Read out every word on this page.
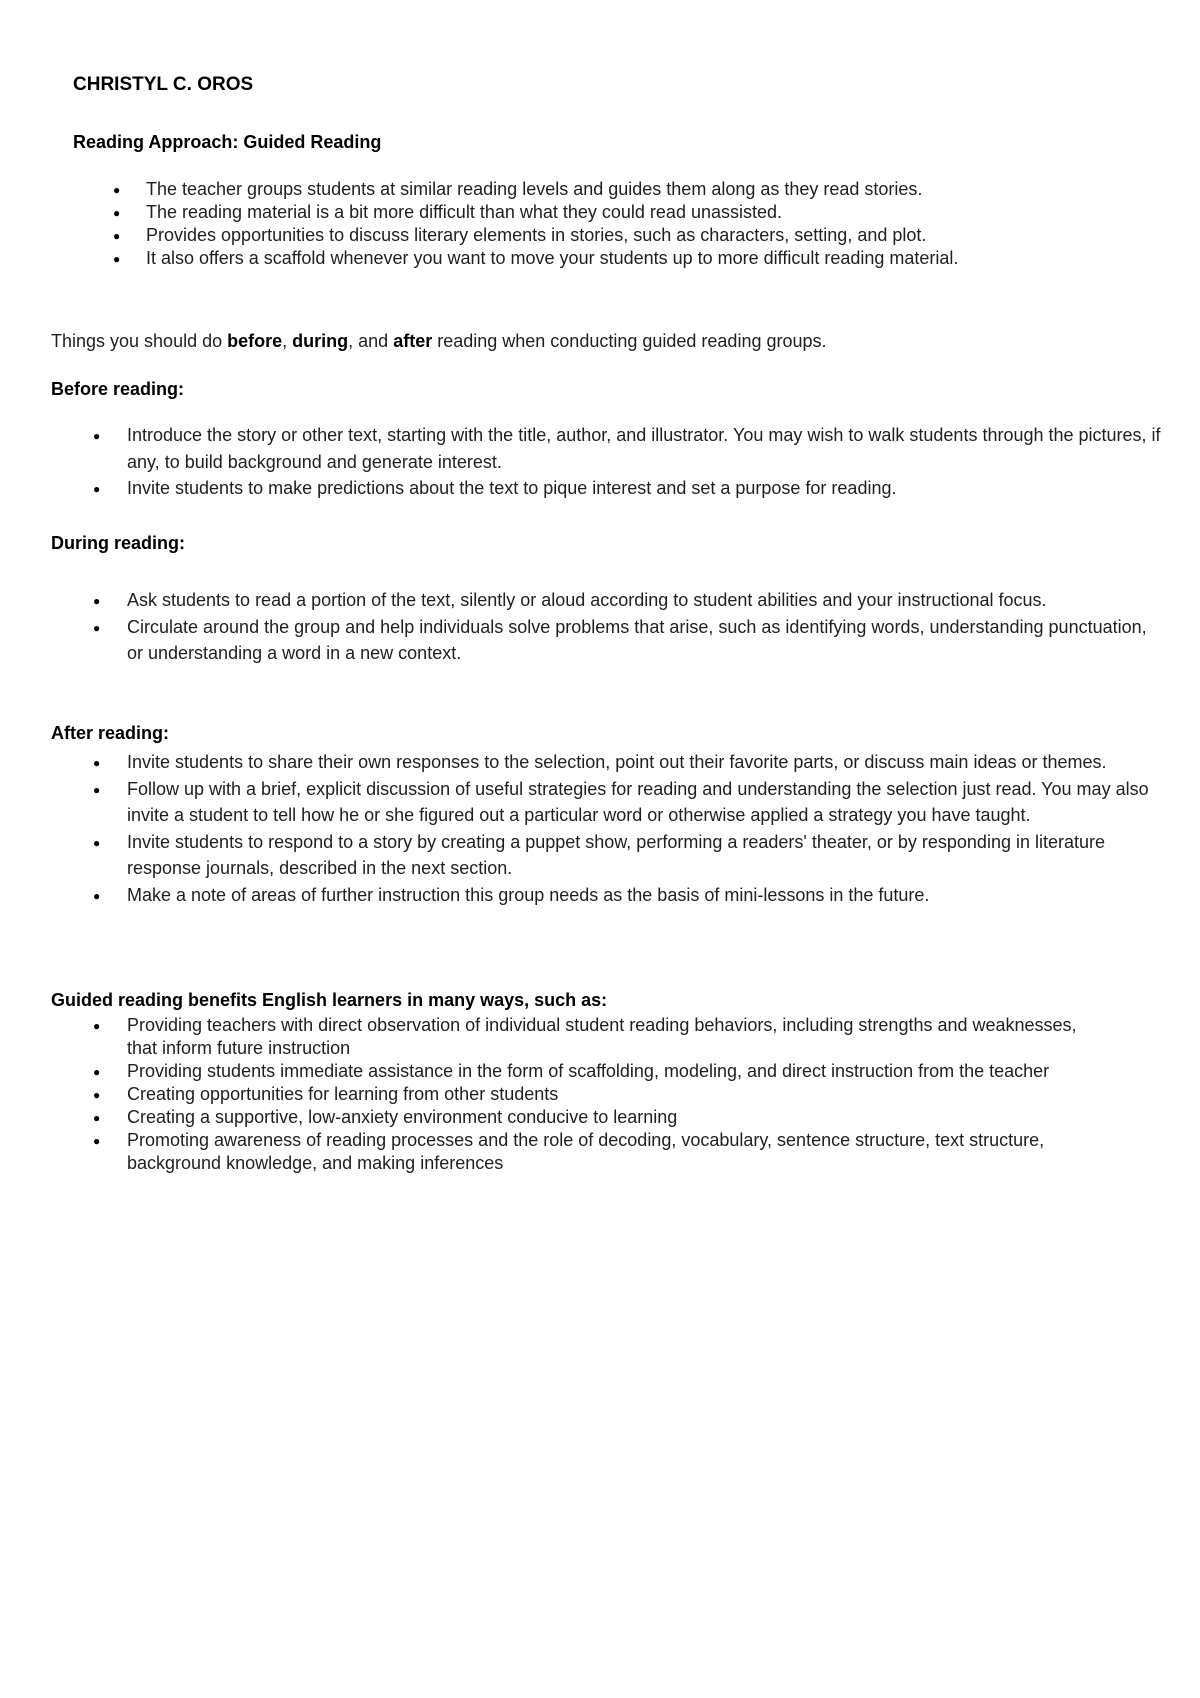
CHRISTYL C. OROS
Reading Approach: Guided Reading
● The teacher groups students at similar reading levels and guides them along as they read stories.
● The reading material is a bit more difficult than what they could read unassisted.
● Provides opportunities to discuss literary elements in stories, such as characters, setting, and plot.
● It also offers a scaffold whenever you want to move your students up to more difficult reading material.
Things you should do before, during, and after reading when conducting guided reading groups.
Before reading:
● Introduce the story or other text, starting with the title, author, and illustrator. You may wish to walk students through the pictures, if any, to build background and generate interest.
● Invite students to make predictions about the text to pique interest and set a purpose for reading.
During reading:
● Ask students to read a portion of the text, silently or aloud according to student abilities and your instructional focus.
● Circulate around the group and help individuals solve problems that arise, such as identifying words, understanding punctuation, or understanding a word in a new context.
After reading:
● Invite students to share their own responses to the selection, point out their favorite parts, or discuss main ideas or themes.
● Follow up with a brief, explicit discussion of useful strategies for reading and understanding the selection just read. You may also invite a student to tell how he or she figured out a particular word or otherwise applied a strategy you have taught.
● Invite students to respond to a story by creating a puppet show, performing a readers' theater, or by responding in literature response journals, described in the next section.
● Make a note of areas of further instruction this group needs as the basis of mini-lessons in the future.
Guided reading benefits English learners in many ways, such as:
● Providing teachers with direct observation of individual student reading behaviors, including strengths and weaknesses, that inform future instruction
● Providing students immediate assistance in the form of scaffolding, modeling, and direct instruction from the teacher
● Creating opportunities for learning from other students
● Creating a supportive, low-anxiety environment conducive to learning
● Promoting awareness of reading processes and the role of decoding, vocabulary, sentence structure, text structure, background knowledge, and making inferences
